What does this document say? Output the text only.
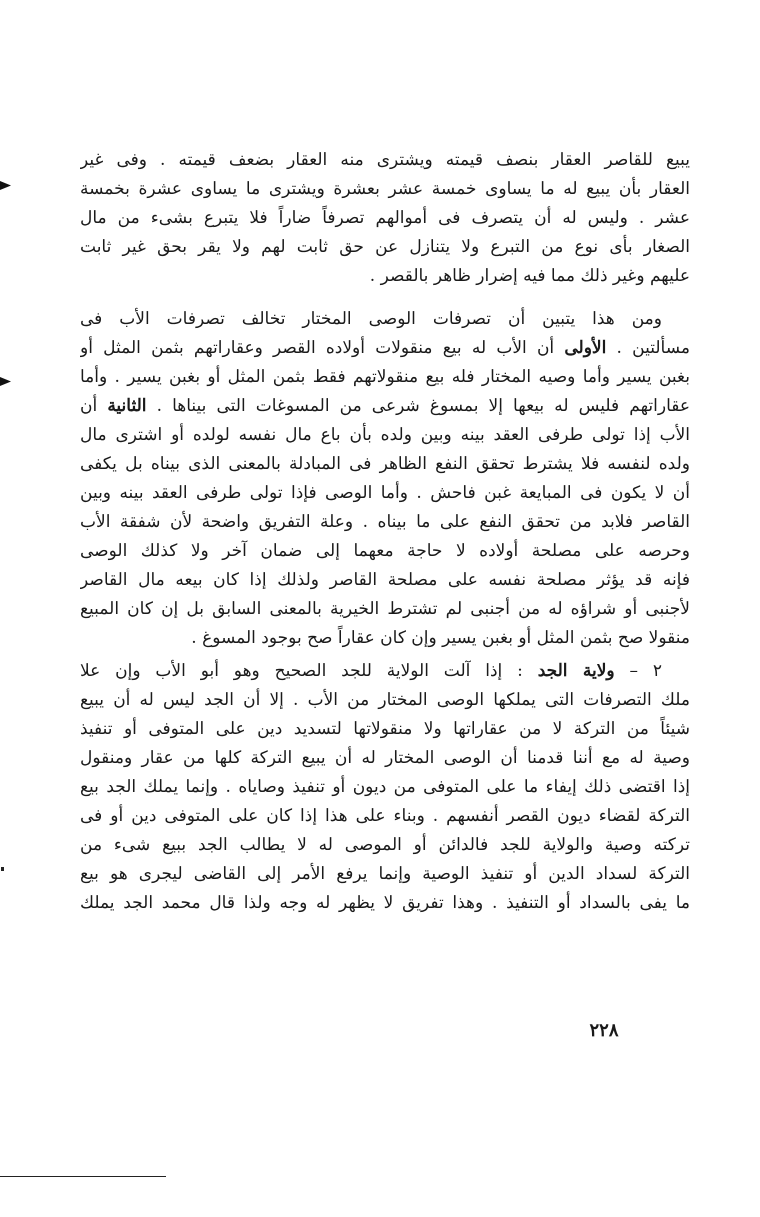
يبيع للقاصر العقار بنصف قيمته ويشترى منه العقار بضعف قيمته . وفى غير
العقار بأن يبيع له ما يساوى خمسة عشر بعشرة ويشترى ما يساوى عشرة بخمسة
عشر . وليس له أن يتصرف فى أموالهم تصرفاً ضاراً فلا يتبرع بشىء من مال
الصغار بأى نوع من التبرع ولا يتنازل عن حق ثابت لهم ولا يقر بحق غير ثابت
عليهم وغير ذلك مما فيه إضرار ظاهر بالقصر .
ومن هذا يتبين أن تصرفات الوصى المختار تخالف تصرفات الأب فى
مسألتين . الأولى أن الأب له بيع منقولات أولاده القصر وعقاراتهم بثمن المثل أو
بغبن يسير وأما وصيه المختار فله بيع منقولاتهم فقط بثمن المثل أو بغبن يسير . وأما
عقاراتهم فليس له بيعها إلا بمسوغ شرعى من المسوغات التى بيناها . الثانية أن
الأب إذا تولى طرفى العقد بينه وبين ولده بأن باع مال نفسه لولده أو اشترى مال
ولده لنفسه فلا يشترط تحقق النفع الظاهر فى المبادلة بالمعنى الذى بيناه بل يكفى
أن لا يكون فى المبايعة غبن فاحش . وأما الوصى فإذا تولى طرفى العقد بينه وبين
القاصر فلابد من تحقق النفع على ما بيناه . وعلة التفريق واضحة لأن شفقة الأب
وحرصه على مصلحة أولاده لا حاجة معهما إلى ضمان آخر ولا كذلك الوصى
فإنه قد يؤثر مصلحة نفسه على مصلحة القاصر ولذلك إذا كان بيعه مال القاصر
لأجنبى أو شراؤه له من أجنبى لم تشترط الخيرية بالمعنى السابق بل إن كان المبيع
منقولا صح بثمن المثل أو بغبن يسير وإن كان عقاراً صح بوجود المسوغ .
٢ – ولاية الجد : إذا آلت الولاية للجد الصحيح وهو أبو الأب وإن علا
ملك التصرفات التى يملكها الوصى المختار من الأب . إلا أن الجد ليس له أن يبيع
شيئاً من التركة لا من عقاراتها ولا منقولاتها لتسديد دين على المتوفى أو تنفيذ
وصية له مع أننا قدمنا أن الوصى المختار له أن يبيع التركة كلها من عقار ومنقول
إذا اقتضى ذلك إيفاء ما على المتوفى من ديون أو تنفيذ وصاياه . وإنما يملك الجد بيع
التركة لقضاء ديون القصر أنفسهم . وبناء على هذا إذا كان على المتوفى دين أو فى
تركته وصية والولاية للجد فالدائن أو الموصى له لا يطالب الجد ببيع شىء من
التركة لسداد الدين أو تنفيذ الوصية وإنما يرفع الأمر إلى القاضى ليجرى هو بيع
ما يفى بالسداد أو التنفيذ . وهذا تفريق لا يظهر له وجه ولذا قال محمد الجد يملك
٢٢٨
